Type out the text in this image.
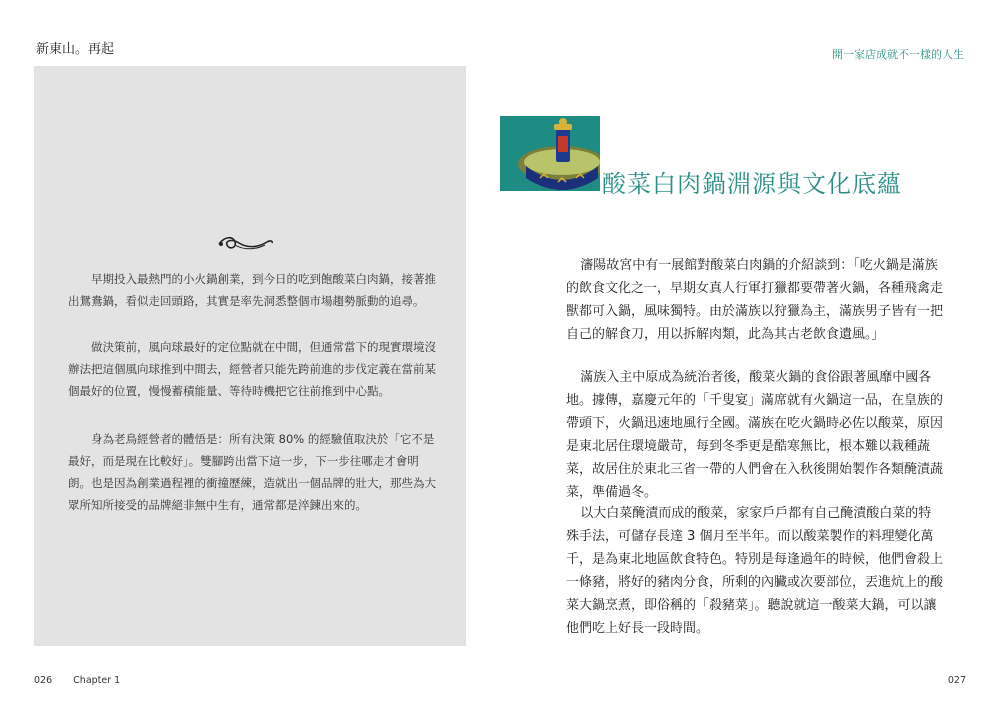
新東山。再起	開一家店成就不一樣的人生

早期投入最熱門的小火鍋創業，到今日的吃到飽酸菜白肉鍋，接著推出鴛鴦鍋，看似走回頭路，其實是率先洞悉整個市場趨勢脈動的追尋。

做決策前，風向球最好的定位點就在中間，但通常當下的現實環境沒辦法把這個風向球推到中間去，經營者只能先跨前進的步伐定義在當前某個最好的位置，慢慢蓄積能量、等待時機把它往前推到中心點。

身為老鳥經營者的體悟是：所有決策 80% 的經驗值取決於「它不是最好，而是現在比較好」。雙腳跨出當下這一步，下一步往哪走才會明朗。也是因為創業過程裡的衝撞歷練，造就出一個品牌的壯大，那些為大眾所知所接受的品牌絕非無中生有，通常都是淬鍊出來的。

酸菜白肉鍋淵源與文化底蘊

瀋陽故宮中有一展館對酸菜白肉鍋的介紹談到：「吃火鍋是滿族的飲食文化之一，早期女真人行軍打獵都要帶著火鍋，各種飛禽走獸都可入鍋，風味獨特。由於滿族以狩獵為主，滿族男子皆有一把自己的解食刀，用以拆解肉類，此為其古老飲食遺風。」

滿族入主中原成為統治者後，酸菜火鍋的食俗跟著風靡中國各地。據傳，嘉慶元年的「千叟宴」滿席就有火鍋這一品，在皇族的帶頭下，火鍋迅速地風行全國。滿族在吃火鍋時必佐以酸菜，原因是東北居住環境嚴苛，每到冬季更是酷寒無比，根本難以栽種蔬菜，故居住於東北三省一帶的人們會在入秋後開始製作各類醃漬蔬菜，準備過冬。

以大白菜醃漬而成的酸菜，家家戶戶都有自己醃漬酸白菜的特殊手法，可儲存長達 3 個月至半年。而以酸菜製作的料理變化萬千，是為東北地區飲食特色。特別是每逢過年的時候，他們會殺上一條豬，將好的豬肉分食，所剩的內臟或次要部位，丟進炕上的酸菜大鍋烹煮，即俗稱的「殺豬菜」。聽說就這一酸菜大鍋，可以讓他們吃上好長一段時間。

026 Chapter 1	027
